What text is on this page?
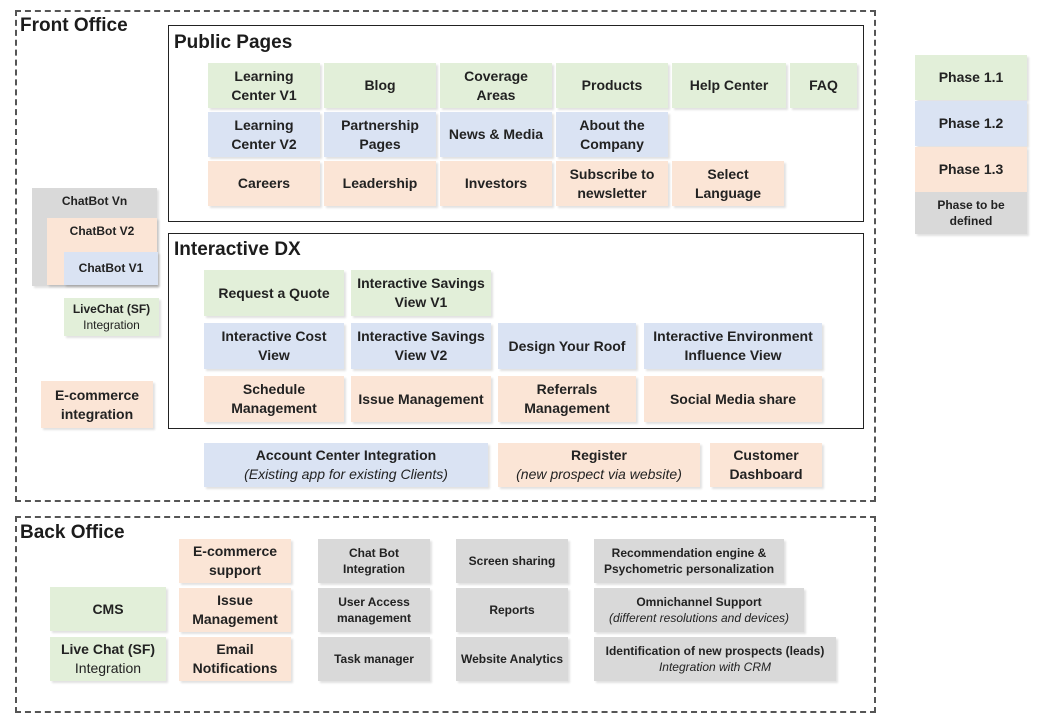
Front Office
Public Pages
Learning
Center V1
Blog
Coverage
Areas
Products	Help Center	FAQ
Learning
Center V2
Partnership
Pages
News & Media
About the
Company
Careers	Leadership	Investors
Subscribe to
newsletter
Select
Language
Interactive DX
Request a Quote
Interactive Savings
View V1
Interactive Cost
View
Interactive Savings
View V2
Design Your Roof
Interactive Environment
Influence View
Schedule
Management
Issue Management
Referrals
Management
Social Media share
ChatBot Vn
ChatBot V2
ChatBot V1
LiveChat (SF)
Integration
E-commerce
integration
Account Center Integration
(Existing app for existing Clients)
Register
(new prospect via website)
Customer
Dashboard
Back Office
CMS
Live Chat (SF)
Integration
E-commerce
support
Issue
Management
Email
Notifications
Chat Bot
Integration
User Access
management
Task manager
Screen sharing
Reports
Website Analytics
Recommendation engine &
Psychometric personalization
Omnichannel Support
(different resolutions and devices)
Identification of new prospects (leads)
Integration with CRM
Phase 1.1
Phase 1.2
Phase 1.3
Phase to be
defined
